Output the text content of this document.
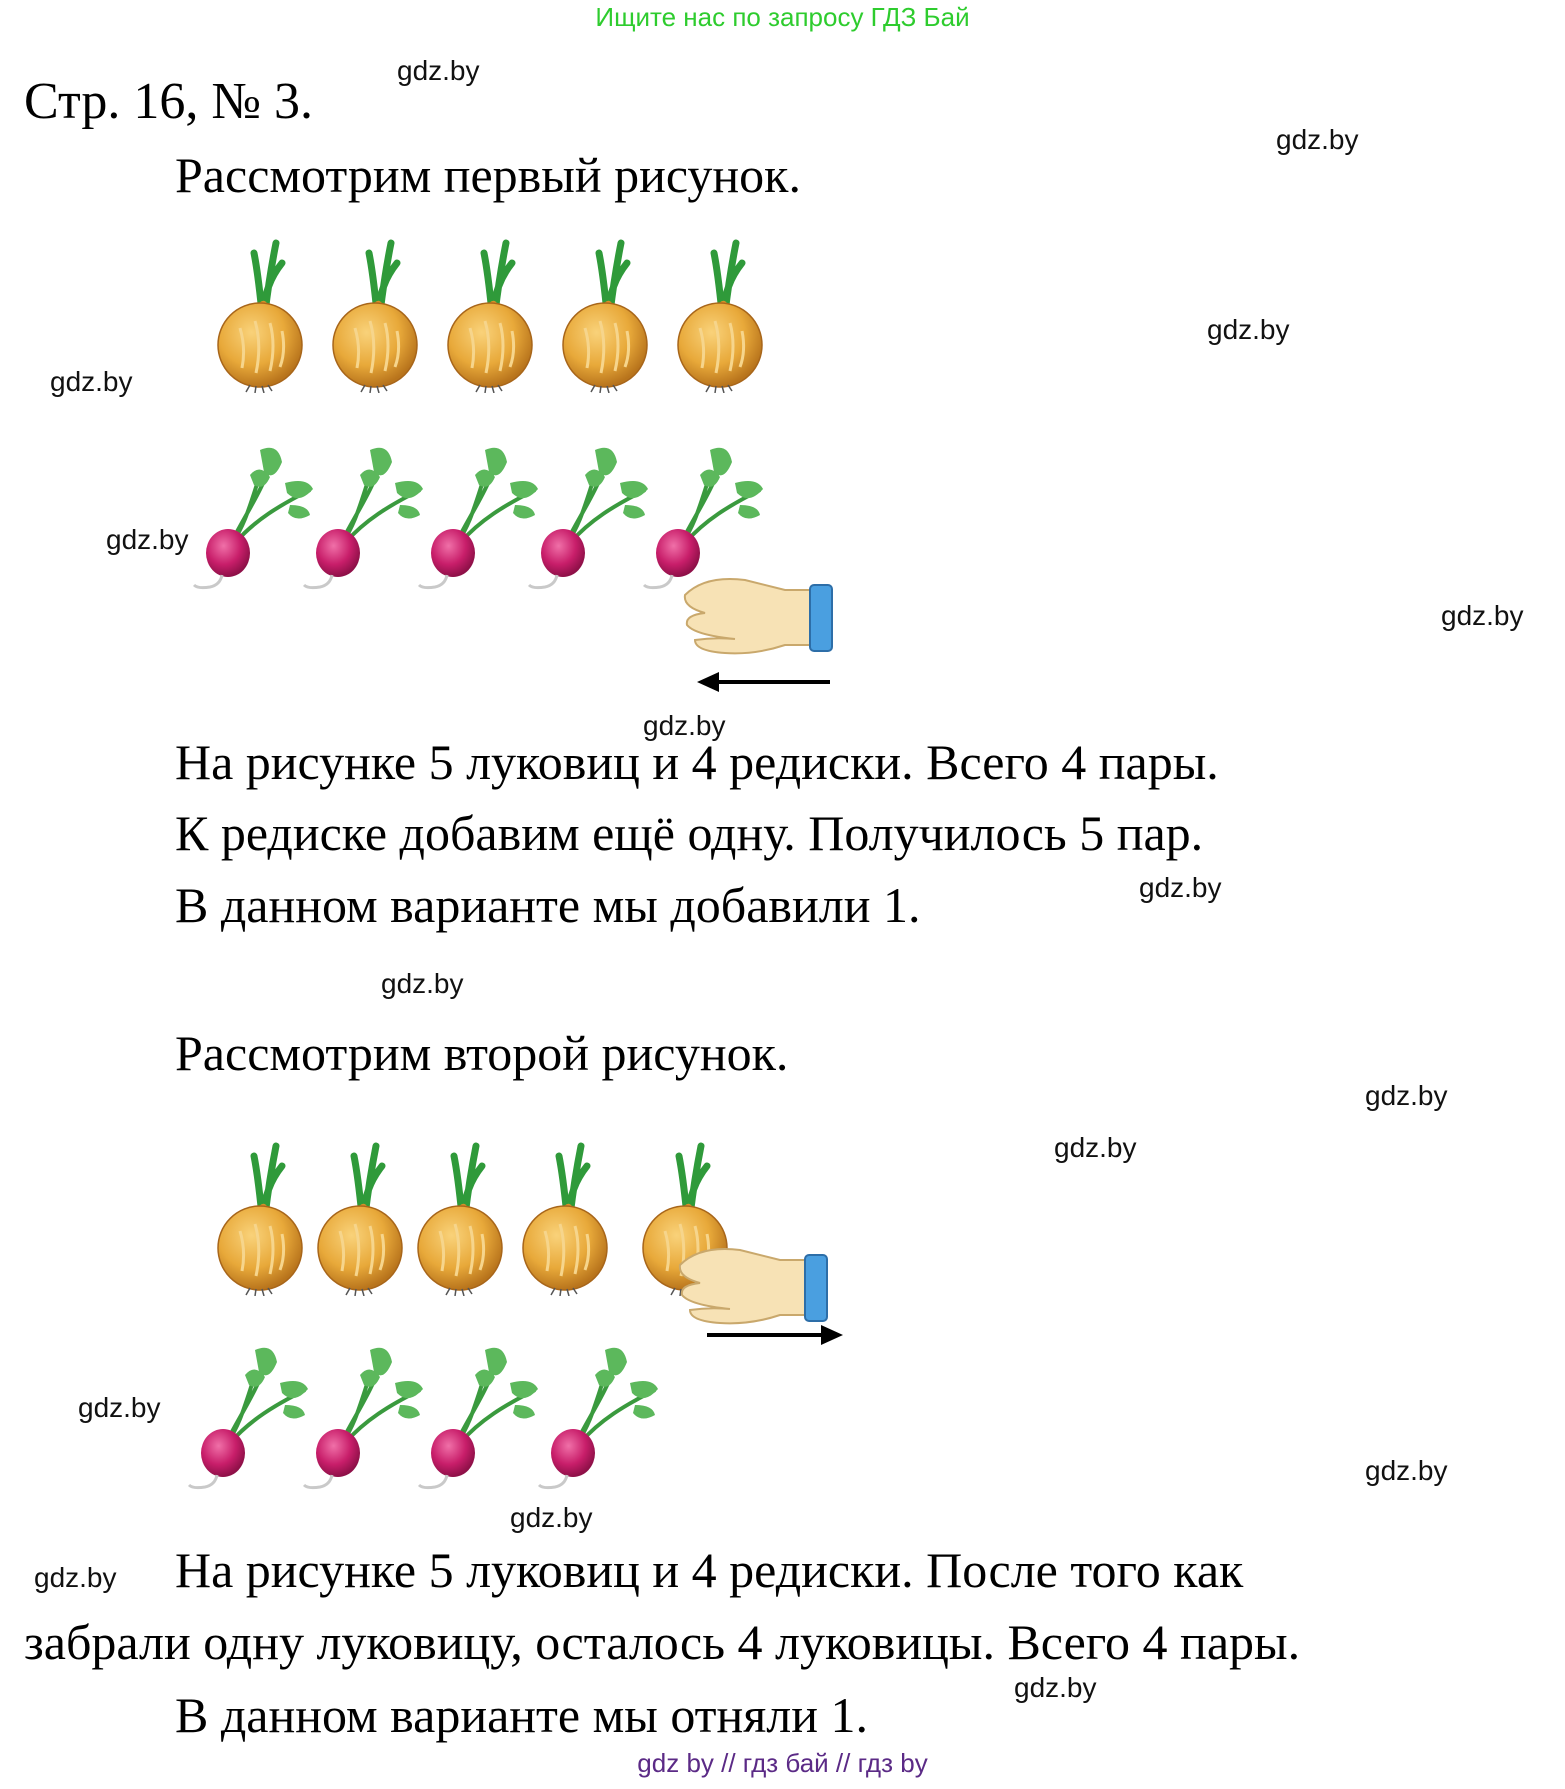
Ищите нас по запросу ГДЗ Бай
Стр. 16, № 3.
Рассмотрим первый рисунок.
На рисунке 5 луковиц и 4 редиски. Всего 4 пары.
К редиске добавим ещё одну. Получилось 5 пар.
В данном варианте мы добавили 1.
Рассмотрим второй рисунок.
На рисунке 5 луковиц и 4 редиски. После того как
забрали одну луковицу, осталось 4 луковицы. Всего 4 пары.
В данном варианте мы отняли 1.
gdz.by
gdz.by
gdz.by
gdz.by
gdz.by
gdz.by
gdz.by
gdz.by
gdz.by
gdz.by
gdz.by
gdz.by
gdz.by
gdz.by
gdz.by
gdz.by
gdz by // гдз бай // гдз by
